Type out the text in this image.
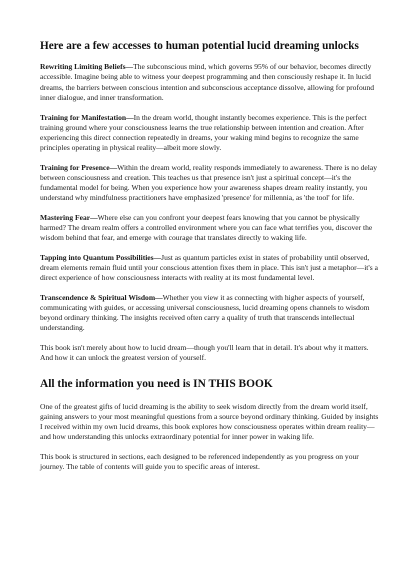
Here are a few accesses to human potential lucid dreaming unlocks

Rewriting Limiting Beliefs—The subconscious mind, which governs 95% of our behavior, becomes directly accessible. Imagine being able to witness your deepest programming and then consciously reshape it. In lucid dreams, the barriers between conscious intention and subconscious acceptance dissolve, allowing for profound inner dialogue, and inner transformation.

Training for Manifestation—In the dream world, thought instantly becomes experience. This is the perfect training ground where your consciousness learns the true relationship between intention and creation. After experiencing this direct connection repeatedly in dreams, your waking mind begins to recognize the same principles operating in physical reality—albeit more slowly.

Training for Presence—Within the dream world, reality responds immediately to awareness. There is no delay between consciousness and creation. This teaches us that presence isn't just a spiritual concept—it's the fundamental model for being. When you experience how your awareness shapes dream reality instantly, you understand why mindfulness practitioners have emphasized 'presence' for millennia, as 'the tool' for life.

Mastering Fear—Where else can you confront your deepest fears knowing that you cannot be physically harmed? The dream realm offers a controlled environment where you can face what terrifies you, discover the wisdom behind that fear, and emerge with courage that translates directly to waking life.

Tapping into Quantum Possibilities—Just as quantum particles exist in states of probability until observed, dream elements remain fluid until your conscious attention fixes them in place. This isn't just a metaphor—it's a direct experience of how consciousness interacts with reality at its most fundamental level.

Transcendence & Spiritual Wisdom—Whether you view it as connecting with higher aspects of yourself, communicating with guides, or accessing universal consciousness, lucid dreaming opens channels to wisdom beyond ordinary thinking. The insights received often carry a quality of truth that transcends intellectual understanding.

This book isn't merely about how to lucid dream—though you'll learn that in detail. It's about why it matters. And how it can unlock the greatest version of yourself.

All the information you need is IN THIS BOOK

One of the greatest gifts of lucid dreaming is the ability to seek wisdom directly from the dream world itself, gaining answers to your most meaningful questions from a source beyond ordinary thinking. Guided by insights I received within my own lucid dreams, this book explores how consciousness operates within dream reality—and how understanding this unlocks extraordinary potential for inner power in waking life.

This book is structured in sections, each designed to be referenced independently as you progress on your journey. The table of contents will guide you to specific areas of interest.
